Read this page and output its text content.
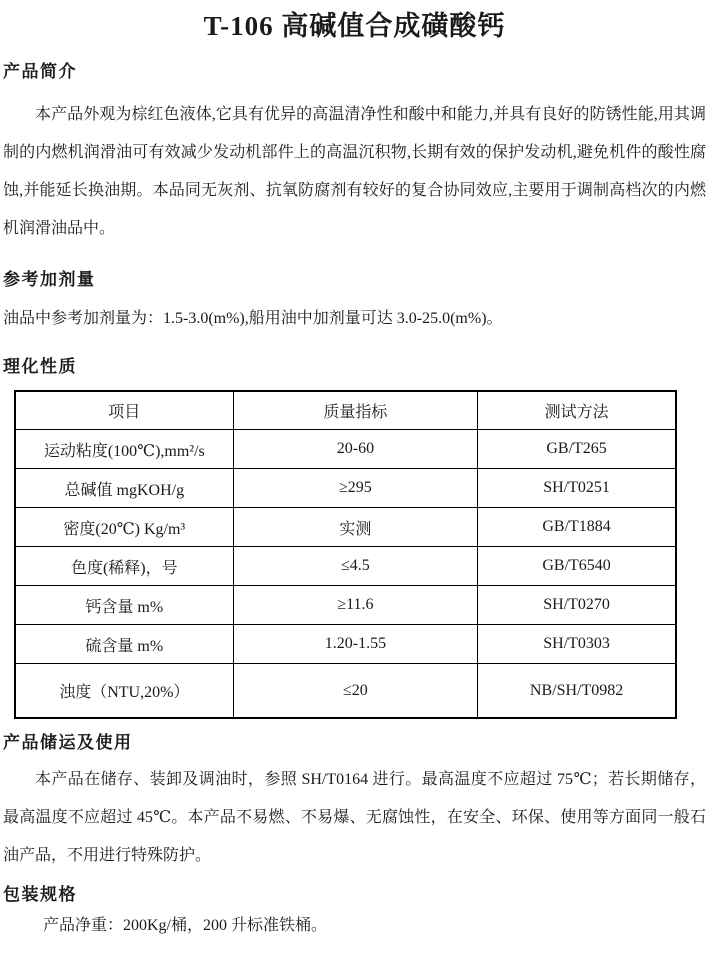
T-106 高碱值合成磺酸钙
产品简介

本产品外观为棕红色液体,它具有优异的高温清净性和酸中和能力,并具有良好的防锈性能,用其调制的内燃机润滑油可有效减少发动机部件上的高温沉积物,长期有效的保护发动机,避免机件的酸性腐蚀,并能延长换油期。本品同无灰剂、抗氧防腐剂有较好的复合协同效应,主要用于调制高档次的内燃机润滑油品中。

参考加剂量

油品中参考加剂量为：1.5-3.0(m%),船用油中加剂量可达 3.0-25.0(m%)。

理化性质
项目	质量指标	测试方法
运动粘度(100℃),mm²/s	20-60	GB/T265
总碱值 mgKOH/g	≥295	SH/T0251
密度(20℃) Kg/m³	实测	GB/T1884
色度(稀释)，号	≤4.5	GB/T6540
钙含量 m%	≥11.6	SH/T0270
硫含量 m%	1.20-1.55	SH/T0303
浊度（NTU,20%）	≤20	NB/SH/T0982
产品储运及使用

本产品在储存、装卸及调油时，参照 SH/T0164 进行。最高温度不应超过 75℃；若长期储存，最高温度不应超过 45℃。本产品不易燃、不易爆、无腐蚀性，在安全、环保、使用等方面同一般石油产品，不用进行特殊防护。

包装规格

产品净重：200Kg/桶，200 升标准铁桶。
